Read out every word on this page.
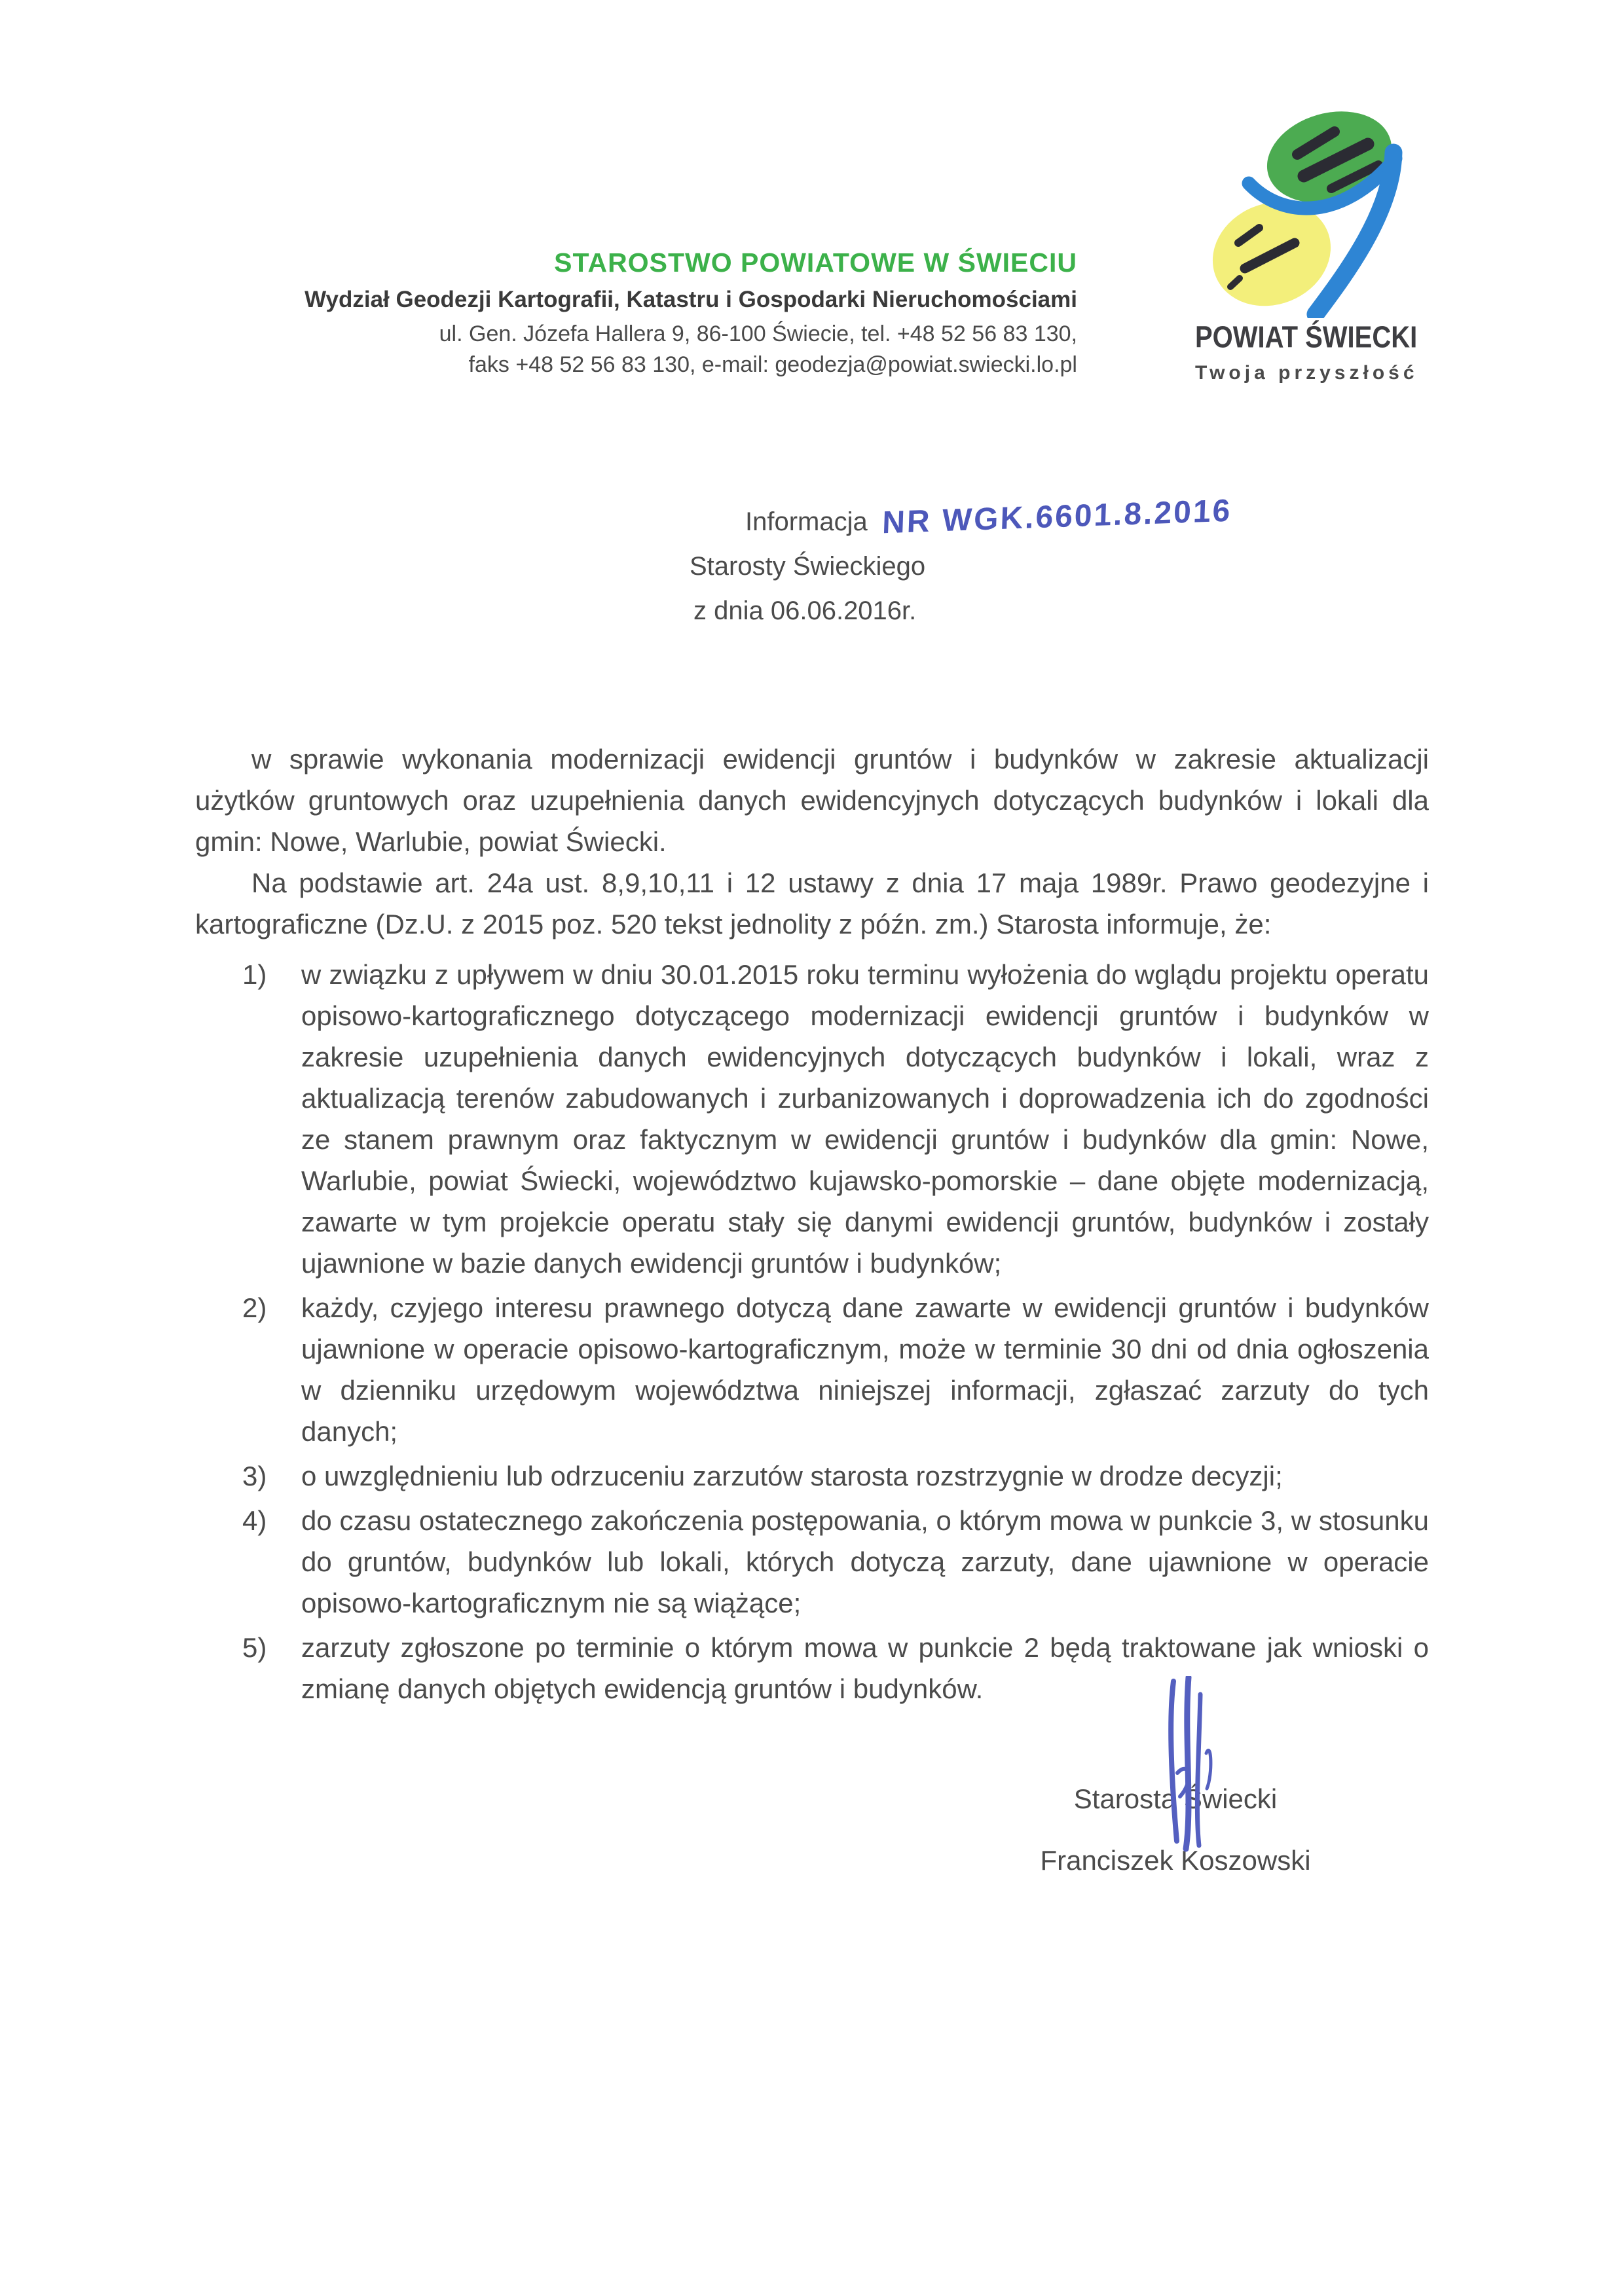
STAROSTWO POWIATOWE W ŚWIECIU
Wydział Geodezji Kartografii, Katastru i Gospodarki Nieruchomościami
ul. Gen. Józefa Hallera 9, 86-100 Świecie, tel. +48 52 56 83 130,
faks +48 52 56 83 130, e-mail: geodezja@powiat.swiecki.lo.pl
POWIAT ŚWIECKI
Twoja przyszłość
Informacja NR WGK.6601.8.2016
Starosty Świeckiego
z dnia 06.06.2016r.

w sprawie wykonania modernizacji ewidencji gruntów i budynków w zakresie aktualizacji użytków gruntowych oraz uzupełnienia danych ewidencyjnych dotyczących budynków i lokali dla gmin: Nowe, Warlubie, powiat Świecki.

Na podstawie art. 24a ust. 8,9,10,11 i 12 ustawy z dnia 17 maja 1989r. Prawo geodezyjne i kartograficzne (Dz.U. z 2015 poz. 520 tekst jednolity z późn. zm.) Starosta informuje, że:

1) w związku z upływem w dniu 30.01.2015 roku terminu wyłożenia do wglądu projektu operatu opisowo-kartograficznego dotyczącego modernizacji ewidencji gruntów i budynków w zakresie uzupełnienia danych ewidencyjnych dotyczących budynków i lokali, wraz z aktualizacją terenów zabudowanych i zurbanizowanych i doprowadzenia ich do zgodności ze stanem prawnym oraz faktycznym w ewidencji gruntów i budynków dla gmin: Nowe, Warlubie, powiat Świecki, województwo kujawsko-pomorskie – dane objęte modernizacją, zawarte w tym projekcie operatu stały się danymi ewidencji gruntów, budynków i zostały ujawnione w bazie danych ewidencji gruntów i budynków;
2) każdy, czyjego interesu prawnego dotyczą dane zawarte w ewidencji gruntów i budynków ujawnione w operacie opisowo-kartograficznym, może w terminie 30 dni od dnia ogłoszenia w dzienniku urzędowym województwa niniejszej informacji, zgłaszać zarzuty do tych danych;
3) o uwzględnieniu lub odrzuceniu zarzutów starosta rozstrzygnie w drodze decyzji;
4) do czasu ostatecznego zakończenia postępowania, o którym mowa w punkcie 3, w stosunku do gruntów, budynków lub lokali, których dotyczą zarzuty, dane ujawnione w operacie opisowo-kartograficznym nie są wiążące;
5) zarzuty zgłoszone po terminie o którym mowa w punkcie 2 będą traktowane jak wnioski o zmianę danych objętych ewidencją gruntów i budynków.
Starosta Świecki
Franciszek Koszowski
